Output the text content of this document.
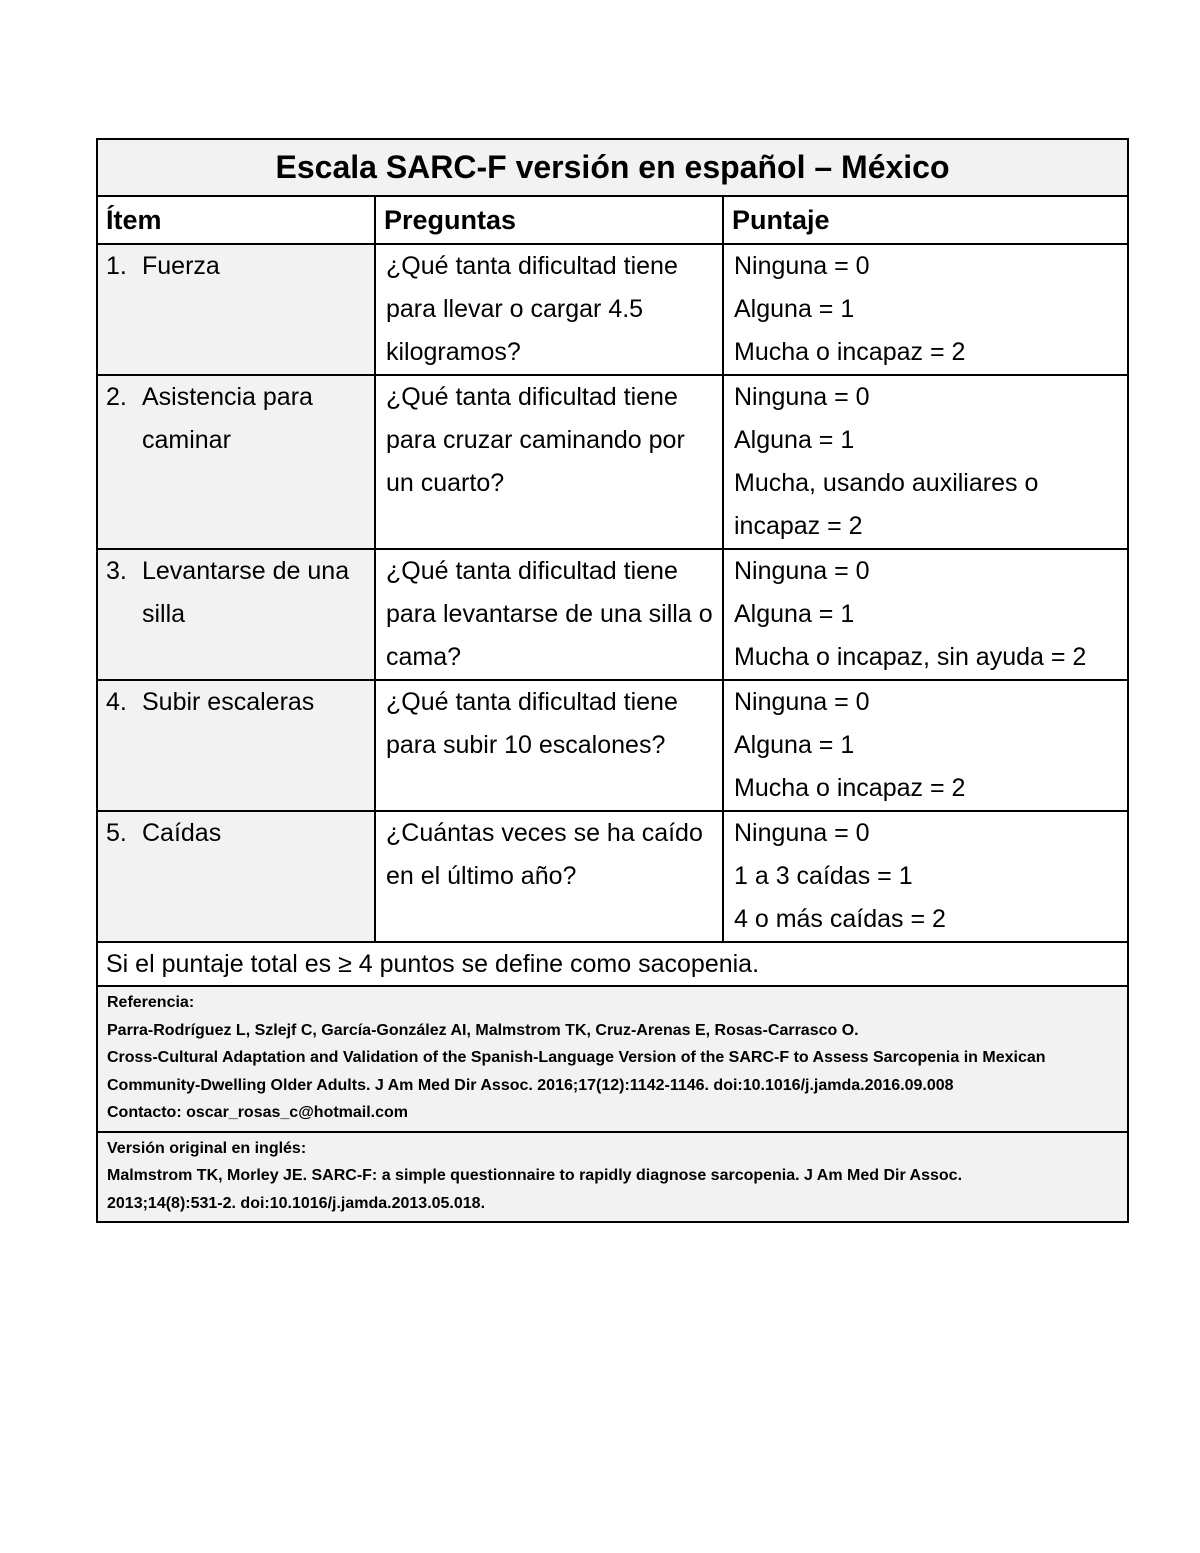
Escala SARC-F versión en español – México		
Ítem	Preguntas	Puntaje

1. Fuerza	¿Qué tanta dificultad tiene para llevar o cargar 4.5 kilogramos?	Ninguna = 0
Alguna = 1
Mucha o incapaz = 2

2. Asistencia para caminar	¿Qué tanta dificultad tiene para cruzar caminando por un cuarto?	Ninguna = 0
Alguna = 1
Mucha, usando auxiliares o incapaz = 2

3. Levantarse de una silla	¿Qué tanta dificultad tiene para levantarse de una silla o cama?	Ninguna = 0
Alguna = 1
Mucha o incapaz, sin ayuda = 2

4. Subir escaleras	¿Qué tanta dificultad tiene para subir 10 escalones?	Ninguna = 0
Alguna = 1
Mucha o incapaz = 2

5. Caídas	¿Cuántas veces se ha caído en el último año?	Ninguna = 0
1 a 3 caídas = 1
4 o más caídas = 2

Si el puntaje total es ≥ 4 puntos se define como sacopenia.		

Referencia:
Parra-Rodríguez L, Szlejf C, García-González AI, Malmstrom TK, Cruz-Arenas E, Rosas-Carrasco O.
Cross-Cultural Adaptation and Validation of the Spanish-Language Version of the SARC-F to Assess Sarcopenia in Mexican
Community-Dwelling Older Adults. J Am Med Dir Assoc. 2016;17(12):1142-1146. doi:10.1016/j.jamda.2016.09.008
Contacto: oscar_rosas_c@hotmail.com		

Versión original en inglés:
Malmstrom TK, Morley JE. SARC-F: a simple questionnaire to rapidly diagnose sarcopenia. J Am Med Dir Assoc.
2013;14(8):531-2. doi:10.1016/j.jamda.2013.05.018.		
